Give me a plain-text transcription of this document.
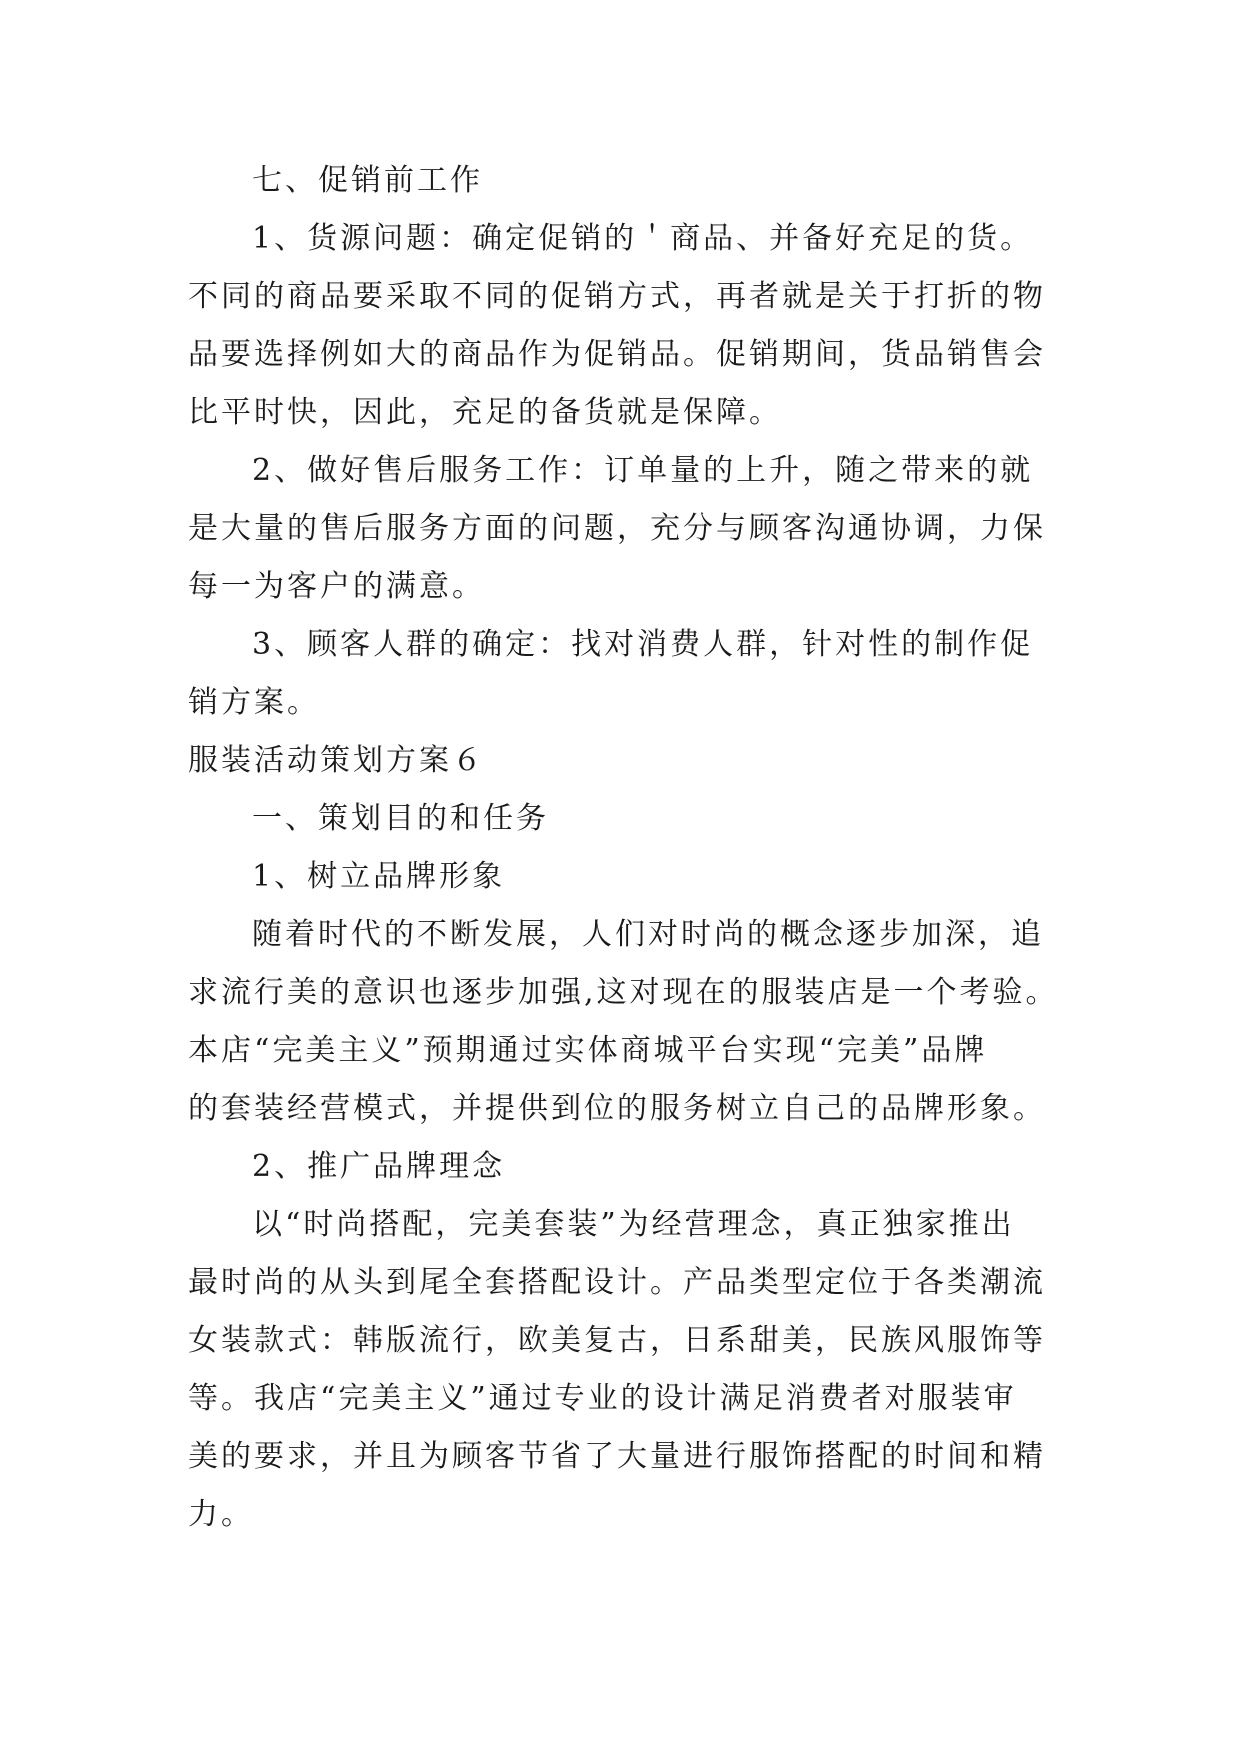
七、促销前工作
1、货源问题：确定促销的＇商品、并备好充足的货。
不同的商品要采取不同的促销方式，再者就是关于打折的物
品要选择例如大的商品作为促销品。促销期间，货品销售会
比平时快，因此，充足的备货就是保障。
2、做好售后服务工作：订单量的上升，随之带来的就
是大量的售后服务方面的问题，充分与顾客沟通协调，力保
每一为客户的满意。
3、顾客人群的确定：找对消费人群，针对性的制作促
销方案。
服装活动策划方案６
一、策划目的和任务
1、树立品牌形象
随着时代的不断发展，人们对时尚的概念逐步加深，追
求流行美的意识也逐步加强,这对现在的服装店是一个考验。
本店“完美主义”预期通过实体商城平台实现“完美”品牌
的套装经营模式，并提供到位的服务树立自己的品牌形象。
2、推广品牌理念
以“时尚搭配，完美套装”为经营理念，真正独家推出
最时尚的从头到尾全套搭配设计。产品类型定位于各类潮流
女装款式：韩版流行，欧美复古，日系甜美，民族风服饰等
等。我店“完美主义”通过专业的设计满足消费者对服装审
美的要求，并且为顾客节省了大量进行服饰搭配的时间和精
力。
